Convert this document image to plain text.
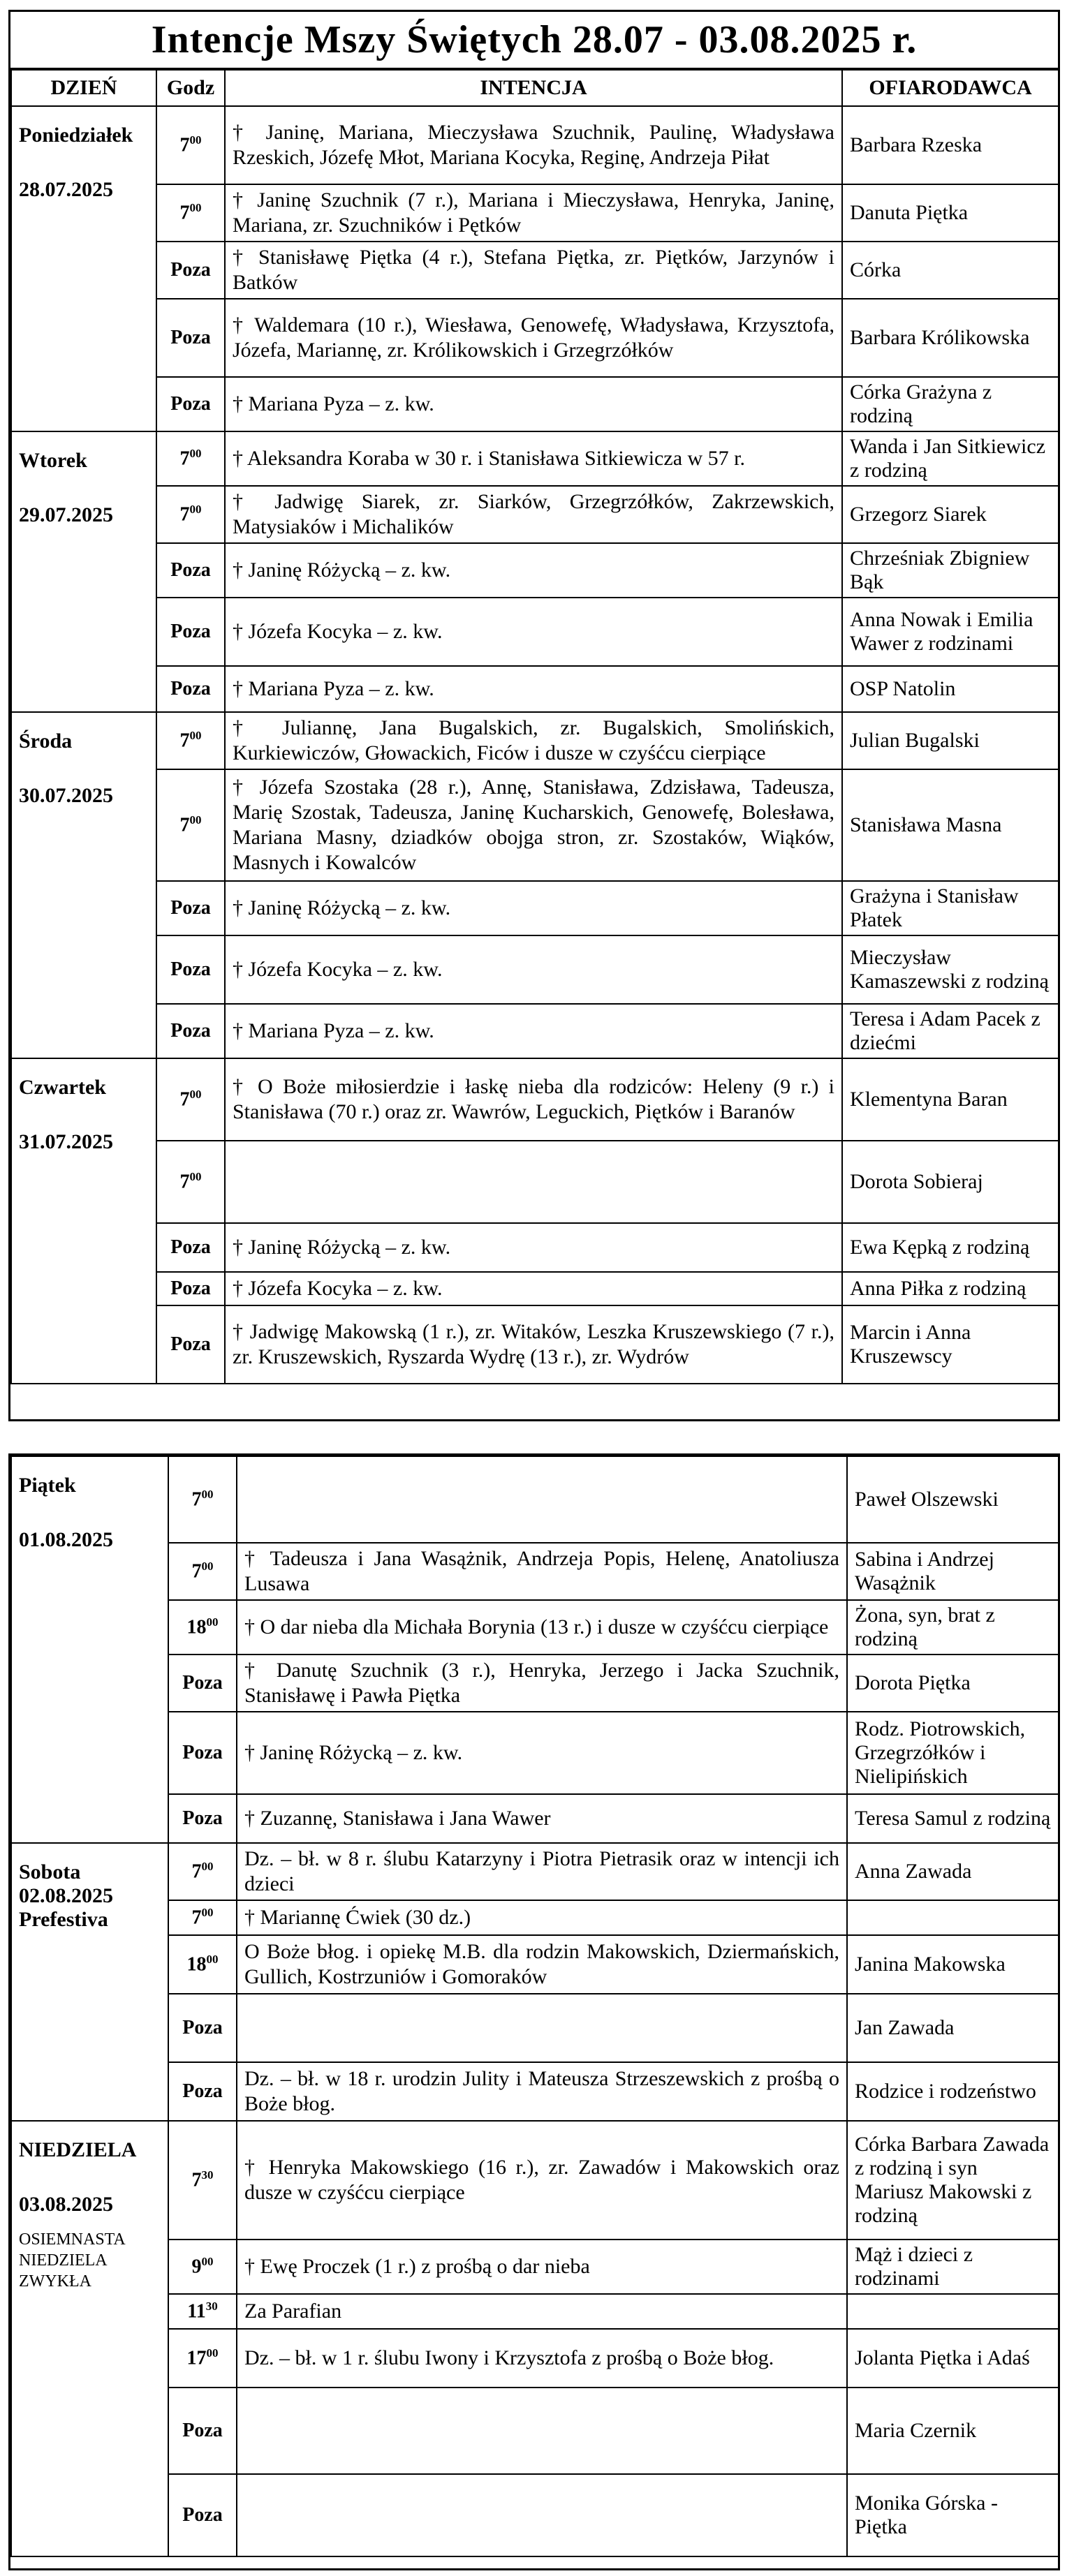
Intencje Mszy Świętych 28.07 - 03.08.2025 r.
DZIEŃ	Godz	INTENCJA	OFIARODAWCA

Poniedziałek
28.07.2025	$7^{00}$	† Janinę, Mariana, Mieczysława Szuchnik, Paulinę, Władysława Rzeskich, Józefę Młot, Mariana Kocyka, Reginę, Andrzeja Piłat	Barbara Rzeska
	$7^{00}$	† Janinę Szuchnik (7 r.), Mariana i Mieczysława, Henryka, Janinę, Mariana, zr. Szuchników i Pętków	Danuta Piętka
	Poza	† Stanisławę Piętka (4 r.), Stefana Piętka, zr. Piętków, Jarzynów i Batków	Córka
	Poza	† Waldemara (10 r.), Wiesława, Genowefę, Władysława, Krzysztofa, Józefa, Mariannę, zr. Królikowskich i Grzegrzółków	Barbara Królikowska
	Poza	† Mariana Pyza – z. kw.	Córka Grażyna z rodziną

Wtorek
29.07.2025	$7^{00}$	† Aleksandra Koraba w 30 r. i Stanisława Sitkiewicza w 57 r.	Wanda i Jan Sitkiewicz z rodziną
	$7^{00}$	† Jadwigę Siarek, zr. Siarków, Grzegrzółków, Zakrzewskich, Matysiaków i Michalików	Grzegorz Siarek
	Poza	† Janinę Różycką – z. kw.	Chrześniak Zbigniew Bąk
	Poza	† Józefa Kocyka – z. kw.	Anna Nowak i Emilia Wawer z rodzinami
	Poza	† Mariana Pyza – z. kw.	OSP Natolin

Środa
30.07.2025	$7^{00}$	† Juliannę, Jana Bugalskich, zr. Bugalskich, Smolińskich, Kurkiewiczów, Głowackich, Ficów i dusze w czyśćcu cierpiące	Julian Bugalski
	$7^{00}$	† Józefa Szostaka (28 r.), Annę, Stanisława, Zdzisława, Tadeusza, Marię Szostak, Tadeusza, Janinę Kucharskich, Genowefę, Bolesława, Mariana Masny, dziadków obojga stron, zr. Szostaków, Wiąków, Masnych i Kowalców	Stanisława Masna
	Poza	† Janinę Różycką – z. kw.	Grażyna i Stanisław Płatek
	Poza	† Józefa Kocyka – z. kw.	Mieczysław Kamaszewski z rodziną
	Poza	† Mariana Pyza – z. kw.	Teresa i Adam Pacek z dziećmi

Czwartek
31.07.2025	$7^{00}$	† O Boże miłosierdzie i łaskę nieba dla rodziców: Heleny (9 r.) i Stanisława (70 r.) oraz zr. Wawrów, Leguckich, Piętków i Baranów	Klementyna Baran
	$7^{00}$		Dorota Sobieraj
	Poza	† Janinę Różycką – z. kw.	Ewa Kępką z rodziną
	Poza	† Józefa Kocyka – z. kw.	Anna Piłka z rodziną
	Poza	† Jadwigę Makowską (1 r.), zr. Witaków, Leszka Kruszewskiego (7 r.), zr. Kruszewskich, Ryszarda Wydrę (13 r.), zr. Wydrów	Marcin i Anna Kruszewscy
Piątek
01.08.2025	$7^{00}$		Paweł Olszewski
	$7^{00}$	† Tadeusza i Jana Wasążnik, Andrzeja Popis, Helenę, Anatoliusza Lusawa	Sabina i Andrzej Wasążnik
	$18^{00}$	† O dar nieba dla Michała Borynia (13 r.) i dusze w czyśćcu cierpiące	Żona, syn, brat z rodziną
	Poza	† Danutę Szuchnik (3 r.), Henryka, Jerzego i Jacka Szuchnik, Stanisławę i Pawła Piętka	Dorota Piętka
	Poza	† Janinę Różycką – z. kw.	Rodz. Piotrowskich, Grzegrzółków i Nielipińskich
	Poza	† Zuzannę, Stanisława i Jana Wawer	Teresa Samul z rodziną

Sobota
02.08.2025
Prefestiva	$7^{00}$	Dz. – bł. w 8 r. ślubu Katarzyny i Piotra Pietrasik oraz w intencji ich dzieci	Anna Zawada
	$7^{00}$	† Mariannę Ćwiek (30 dz.)	
	$18^{00}$	O Boże błog. i opiekę M.B. dla rodzin Makowskich, Dziermańskich, Gullich, Kostrzuniów i Gomoraków	Janina Makowska
	Poza		Jan Zawada
	Poza	Dz. – bł. w 18 r. urodzin Julity i Mateusza Strzeszewskich z prośbą o Boże błog.	Rodzice i rodzeństwo

NIEDZIELA
03.08.2025
OSIEMNASTA NIEDZIELA ZWYKŁA	$7^{30}$	† Henryka Makowskiego (16 r.), zr. Zawadów i Makowskich oraz dusze w czyśćcu cierpiące	Córka Barbara Zawada z rodziną i syn Mariusz Makowski z rodziną
	$9^{00}$	† Ewę Proczek (1 r.) z prośbą o dar nieba	Mąż i dzieci z rodzinami
	$11^{30}$	Za Parafian	
	$17^{00}$	Dz. – bł. w 1 r. ślubu Iwony i Krzysztofa z prośbą o Boże błog.	Jolanta Piętka i Adaś
	Poza		Maria Czernik
	Poza		Monika Górska - Piętka
